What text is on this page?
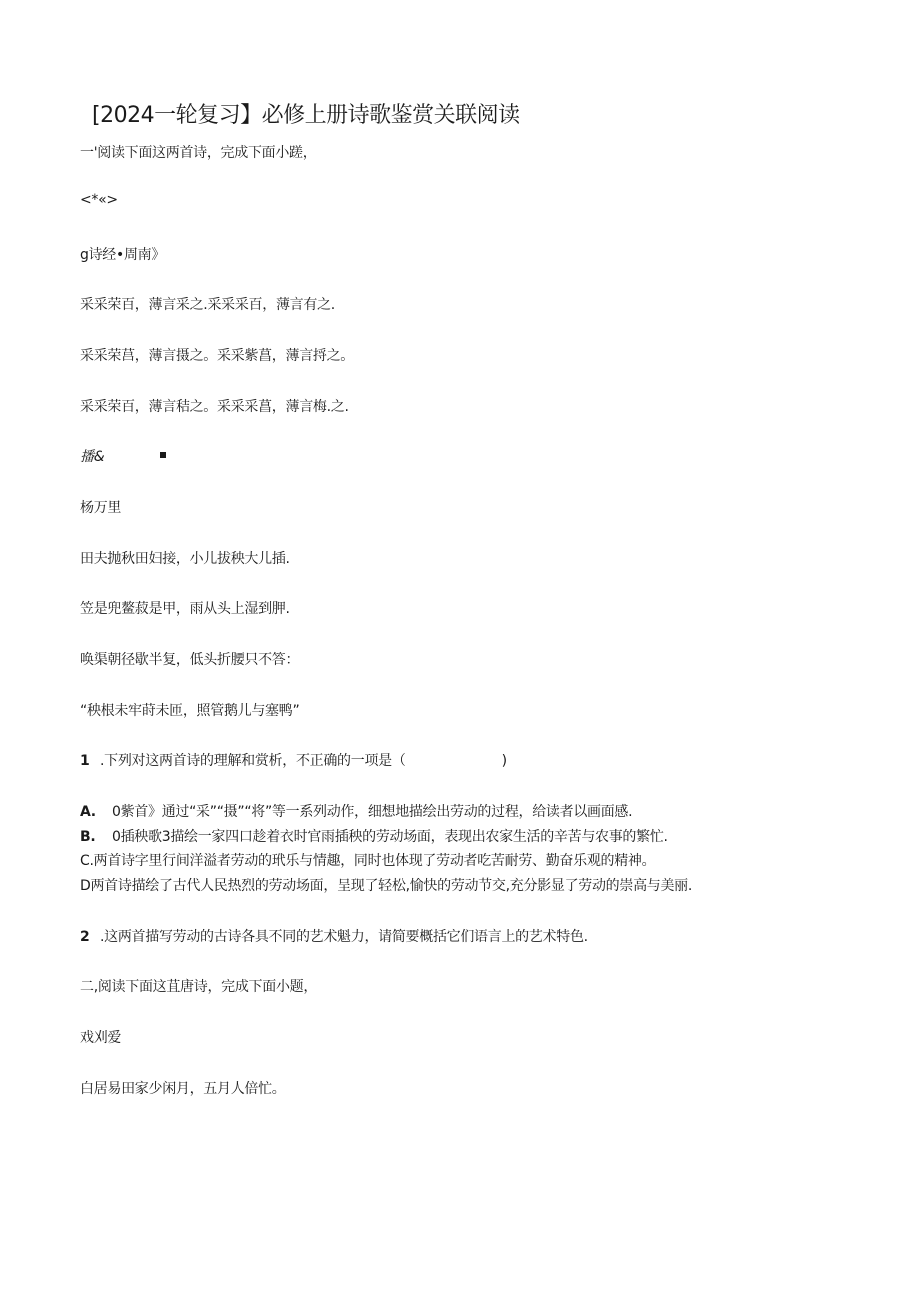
[2024一轮复习】必修上册诗歌鉴赏关联阅读
一'阅读下面这两首诗，完成下面小蹉，
<*«>
g诗经•周南》
采采荣百，薄言采之.采采采百，薄言有之.
采采荣莒，薄言摄之。采采紫菖，薄言捋之。
采采荣百，薄言秸之。采采采菖，薄言梅.之.
播&
杨万里
田夫抛秋田妇接，小儿拔秧大儿插.
笠是兜鳌菽是甲，雨从头上湿到胛.
唤渠朝径歇半复，低头折腰只不答：
“秧根未牢莳未匝，照管鹅儿与塞鸭”
1 .下列对这两首诗的理解和赏析，不正确的一项是（	)
A. 0紫首》通过“采”“摄”“将”等一系列动作，细想地描绘出劳动的过程，给读者以画面感.
B. 0插秧歌3描绘一家四口趁着衣时官雨插秧的劳动场面，表现出农家生活的辛苦与农事的繁忙.
C.两首诗字里行间洋溢者劳动的玳乐与情趣，同时也体现了劳动者吃苦耐劳、勤奋乐观的精神。
D两首诗描绘了古代人民热烈的劳动场面，呈现了轻松,愉快的劳动节交,充分影显了劳动的崇高与美丽.
2 .这两首描写劳动的古诗各具不同的艺术魁力，请简要概括它们语言上的艺术特色.
二,阅读下面这苴唐诗，完成下面小题，
戏刈爱
白居易田家少闲月，五月人倍忙。
